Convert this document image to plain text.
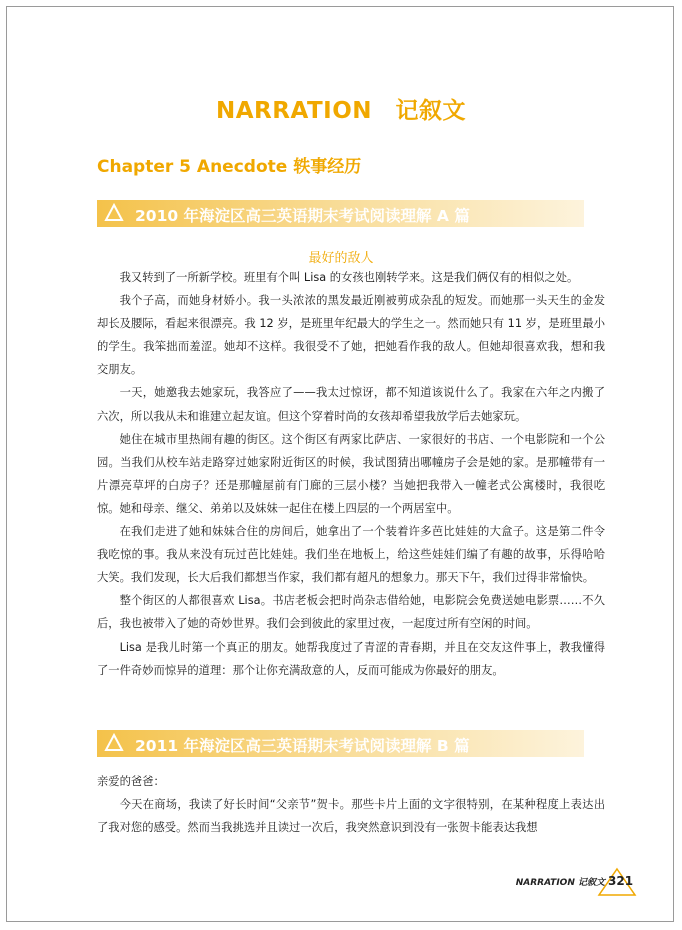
NARRATION　记叙文
Chapter 5 Anecdote 轶事经历
2010 年海淀区高三英语期末考试阅读理解 A 篇
最好的敌人

我又转到了一所新学校。班里有个叫 Lisa 的女孩也刚转学来。这是我们俩仅有的相似之处。

我个子高，而她身材娇小。我一头浓浓的黑发最近刚被剪成杂乱的短发。而她那一头天生的金发却长及腰际，看起来很漂亮。我 12 岁，是班里年纪最大的学生之一。然而她只有 11 岁，是班里最小的学生。我笨拙而羞涩。她却不这样。我很受不了她，把她看作我的敌人。但她却很喜欢我，想和我交朋友。

一天，她邀我去她家玩，我答应了——我太过惊讶，都不知道该说什么了。我家在六年之内搬了六次，所以我从未和谁建立起友谊。但这个穿着时尚的女孩却希望我放学后去她家玩。

她住在城市里热闹有趣的街区。这个街区有两家比萨店、一家很好的书店、一个电影院和一个公园。当我们从校车站走路穿过她家附近街区的时候，我试图猜出哪幢房子会是她的家。是那幢带有一片漂亮草坪的白房子？还是那幢屋前有门廊的三层小楼？当她把我带入一幢老式公寓楼时，我很吃惊。她和母亲、继父、弟弟以及妹妹一起住在楼上四层的一个两居室中。

在我们走进了她和妹妹合住的房间后，她拿出了一个装着许多芭比娃娃的大盒子。这是第二件令我吃惊的事。我从来没有玩过芭比娃娃。我们坐在地板上，给这些娃娃们编了有趣的故事，乐得哈哈大笑。我们发现，长大后我们都想当作家，我们都有超凡的想象力。那天下午，我们过得非常愉快。

整个街区的人都很喜欢 Lisa。书店老板会把时尚杂志借给她，电影院会免费送她电影票……不久后，我也被带入了她的奇妙世界。我们会到彼此的家里过夜，一起度过所有空闲的时间。

Lisa 是我儿时第一个真正的朋友。她帮我度过了青涩的青春期，并且在交友这件事上，教我懂得了一件奇妙而惊异的道理：那个让你充满敌意的人，反而可能成为你最好的朋友。

2011 年海淀区高三英语期末考试阅读理解 B 篇

亲爱的爸爸：

今天在商场，我读了好长时间“父亲节”贺卡。那些卡片上面的文字很特别，在某种程度上表达出了我对您的感受。然而当我挑选并且读过一次后，我突然意识到没有一张贺卡能表达我想

NARRATION 记叙文 321
